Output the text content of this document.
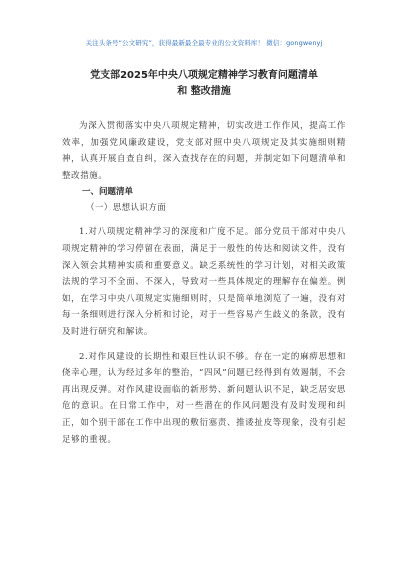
关注头条号“公文研究”，获得最新最全最专业的公文资料库！ 微信：gongwenyj
党支部2025年中央八项规定精神学习教育问题清单
和 整改措施

为深入贯彻落实中央八项规定精神，切实改进工作作风，提高工作效率，加强党风廉政建设，党支部对照中央八项规定及其实施细则精神，认真开展自查自纠，深入查找存在的问题，并制定如下问题清单和整改措施。

一、问题清单

（一）思想认识方面

1.对八项规定精神学习的深度和广度不足。部分党员干部对中央八项规定精神的学习停留在表面，满足于一般性的传达和阅读文件，没有深入领会其精神实质和重要意义。缺乏系统性的学习计划，对相关政策法规的学习不全面、不深入，导致对一些具体规定的理解存在偏差。例如，在学习中央八项规定实施细则时，只是简单地浏览了一遍，没有对每一条细则进行深入分析和讨论，对于一些容易产生歧义的条款，没有及时进行研究和解读。

2.对作风建设的长期性和艰巨性认识不够。存在一定的麻痹思想和侥幸心理，认为经过多年的整治，“四风”问题已经得到有效遏制，不会再出现反弹。对作风建设面临的新形势、新问题认识不足，缺乏居安思危的意识。在日常工作中，对一些潜在的作风问题没有及时发现和纠正，如个别干部在工作中出现的敷衍塞责、推诿扯皮等现象，没有引起足够的重视。
